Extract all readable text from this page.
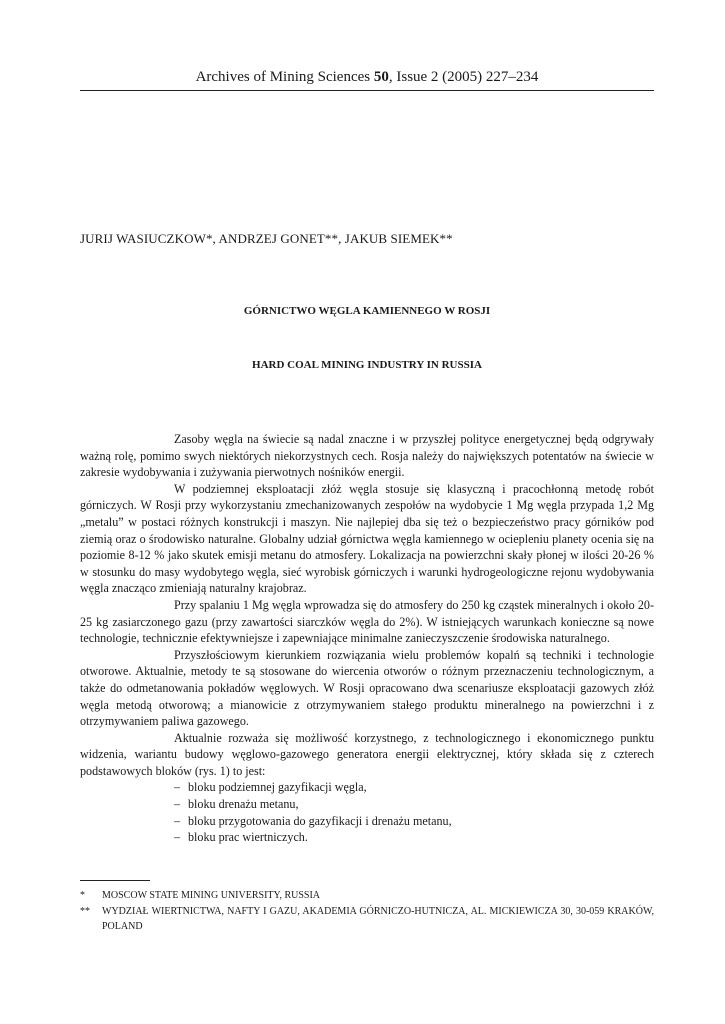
Archives of Mining Sciences 50, Issue 2 (2005) 227–234
JURIJ WASIUCZKOW*, ANDRZEJ GONET**, JAKUB SIEMEK**
GÓRNICTWO WĘGLA KAMIENNEGO W ROSJI
HARD COAL MINING INDUSTRY IN RUSSIA

Zasoby węgla na świecie są nadal znaczne i w przyszłej polityce energetycznej będą odgrywały ważną rolę, pomimo swych niektórych niekorzystnych cech. Rosja należy do największych potentatów na świecie w zakresie wydobywania i zużywania pierwotnych nośników energii.

W podziemnej eksploatacji złóż węgla stosuje się klasyczną i pracochłonną metodę robót górniczych. W Rosji przy wykorzystaniu zmechanizowanych zespołów na wydobycie 1 Mg węgla przypada 1,2 Mg „metalu” w postaci różnych konstrukcji i maszyn. Nie najlepiej dba się też o bezpieczeństwo pracy górników pod ziemią oraz o środowisko naturalne. Globalny udział górnictwa węgla kamiennego w ociepleniu planety ocenia się na poziomie 8-12 % jako skutek emisji metanu do atmosfery. Lokalizacja na powierzchni skały płonej w ilości 20-26 % w stosunku do masy wydobytego węgla, sieć wyrobisk górniczych i warunki hydrogeologiczne rejonu wydobywania węgla znacząco zmieniają naturalny krajobraz.

Przy spalaniu 1 Mg węgla wprowadza się do atmosfery do 250 kg cząstek mineralnych i około 20-25 kg zasiarczonego gazu (przy zawartości siarczków węgla do 2%). W istniejących warunkach konieczne są nowe technologie, technicznie efektywniejsze i zapewniające minimalne zanieczyszczenie środowiska naturalnego.

Przyszłościowym kierunkiem rozwiązania wielu problemów kopalń są techniki i technologie otworowe. Aktualnie, metody te są stosowane do wiercenia otworów o różnym przeznaczeniu technologicznym, a także do odmetanowania pokładów węglowych. W Rosji opracowano dwa scenariusze eksploatacji gazowych złóż węgla metodą otworową; a mianowicie z otrzymywaniem stałego produktu mineralnego na powierzchni i z otrzymywaniem paliwa gazowego.

Aktualnie rozważa się możliwość korzystnego, z technologicznego i ekonomicznego punktu widzenia, wariantu budowy węglowo-gazowego generatora energii elektrycznej, który składa się z czterech podstawowych bloków (rys. 1) to jest:

– bloku podziemnej gazyfikacji węgla,
– bloku drenażu metanu,
– bloku przygotowania do gazyfikacji i drenażu metanu,
– bloku prac wiertniczych.
* MOSCOW STATE MINING UNIVERSITY, RUSSIA
** WYDZIAŁ WIERTNICTWA, NAFTY I GAZU, AKADEMIA GÓRNICZO-HUTNICZA, AL. MICKIEWICZA 30, 30-059 KRAKÓW, POLAND
